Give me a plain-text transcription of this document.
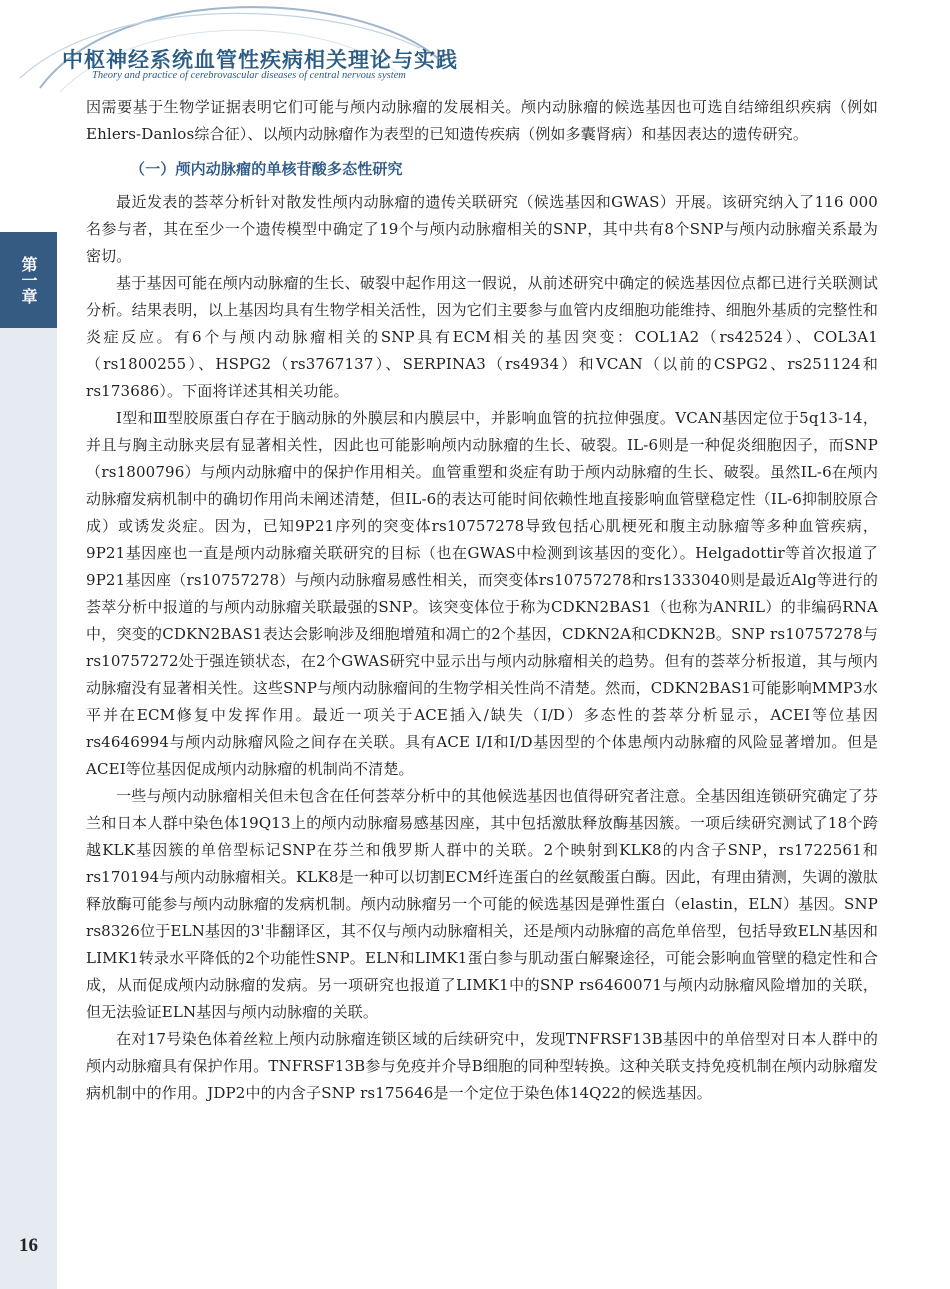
中枢神经系统血管性疾病相关理论与实践
Theory and practice of cerebrovascular diseases of central nervous system
第一章
16

因需要基于生物学证据表明它们可能与颅内动脉瘤的发展相关。颅内动脉瘤的候选基因也可选自结缔组织疾病（例如Ehlers-Danlos综合征）、以颅内动脉瘤作为表型的已知遗传疾病（例如多囊肾病）和基因表达的遗传研究。

（一）颅内动脉瘤的单核苷酸多态性研究

最近发表的荟萃分析针对散发性颅内动脉瘤的遗传关联研究（候选基因和GWAS）开展。该研究纳入了116 000名参与者，其在至少一个遗传模型中确定了19个与颅内动脉瘤相关的SNP，其中共有8个SNP与颅内动脉瘤关系最为密切。

基于基因可能在颅内动脉瘤的生长、破裂中起作用这一假说，从前述研究中确定的候选基因位点都已进行关联测试分析。结果表明，以上基因均具有生物学相关活性，因为它们主要参与血管内皮细胞功能维持、细胞外基质的完整性和炎症反应。有6个与颅内动脉瘤相关的SNP具有ECM相关的基因突变：COL1A2（rs42524）、COL3A1（rs1800255）、HSPG2（rs3767137）、SERPINA3（rs4934）和VCAN（以前的CSPG2、rs251124和rs173686）。下面将详述其相关功能。

Ⅰ型和Ⅲ型胶原蛋白存在于脑动脉的外膜层和内膜层中，并影响血管的抗拉伸强度。VCAN基因定位于5q13-14，并且与胸主动脉夹层有显著相关性，因此也可能影响颅内动脉瘤的生长、破裂。IL-6则是一种促炎细胞因子，而SNP（rs1800796）与颅内动脉瘤中的保护作用相关。血管重塑和炎症有助于颅内动脉瘤的生长、破裂。虽然IL-6在颅内动脉瘤发病机制中的确切作用尚未阐述清楚，但IL-6的表达可能时间依赖性地直接影响血管壁稳定性（IL-6抑制胶原合成）或诱发炎症。因为，已知9P21序列的突变体rs10757278导致包括心肌梗死和腹主动脉瘤等多种血管疾病，9P21基因座也一直是颅内动脉瘤关联研究的目标（也在GWAS中检测到该基因的变化）。Helgadottir等首次报道了9P21基因座（rs10757278）与颅内动脉瘤易感性相关，而突变体rs10757278和rs1333040则是最近Alg等进行的荟萃分析中报道的与颅内动脉瘤关联最强的SNP。该突变体位于称为CDKN2BAS1（也称为ANRIL）的非编码RNA中，突变的CDKN2BAS1表达会影响涉及细胞增殖和凋亡的2个基因，CDKN2A和CDKN2B。SNP rs10757278与rs10757272处于强连锁状态，在2个GWAS研究中显示出与颅内动脉瘤相关的趋势。但有的荟萃分析报道，其与颅内动脉瘤没有显著相关性。这些SNP与颅内动脉瘤间的生物学相关性尚不清楚。然而，CDKN2BAS1可能影响MMP3水平并在ECM修复中发挥作用。最近一项关于ACE插入/缺失（I/D）多态性的荟萃分析显示，ACEI等位基因rs4646994与颅内动脉瘤风险之间存在关联。具有ACE I/I和I/D基因型的个体患颅内动脉瘤的风险显著增加。但是ACEI等位基因促成颅内动脉瘤的机制尚不清楚。

一些与颅内动脉瘤相关但未包含在任何荟萃分析中的其他候选基因也值得研究者注意。全基因组连锁研究确定了芬兰和日本人群中染色体19Q13上的颅内动脉瘤易感基因座，其中包括激肽释放酶基因簇。一项后续研究测试了18个跨越KLK基因簇的单倍型标记SNP在芬兰和俄罗斯人群中的关联。2个映射到KLK8的内含子SNP，rs1722561和rs170194与颅内动脉瘤相关。KLK8是一种可以切割ECM纤连蛋白的丝氨酸蛋白酶。因此，有理由猜测，失调的激肽释放酶可能参与颅内动脉瘤的发病机制。颅内动脉瘤另一个可能的候选基因是弹性蛋白（elastin，ELN）基因。SNP rs8326位于ELN基因的3'非翻译区，其不仅与颅内动脉瘤相关，还是颅内动脉瘤的高危单倍型，包括导致ELN基因和LIMK1转录水平降低的2个功能性SNP。ELN和LIMK1蛋白参与肌动蛋白解聚途径，可能会影响血管壁的稳定性和合成，从而促成颅内动脉瘤的发病。另一项研究也报道了LIMK1中的SNP rs6460071与颅内动脉瘤风险增加的关联，但无法验证ELN基因与颅内动脉瘤的关联。

在对17号染色体着丝粒上颅内动脉瘤连锁区域的后续研究中，发现TNFRSF13B基因中的单倍型对日本人群中的颅内动脉瘤具有保护作用。TNFRSF13B参与免疫并介导B细胞的同种型转换。这种关联支持免疫机制在颅内动脉瘤发病机制中的作用。JDP2中的内含子SNP rs175646是一个定位于染色体14Q22的候选基因。
